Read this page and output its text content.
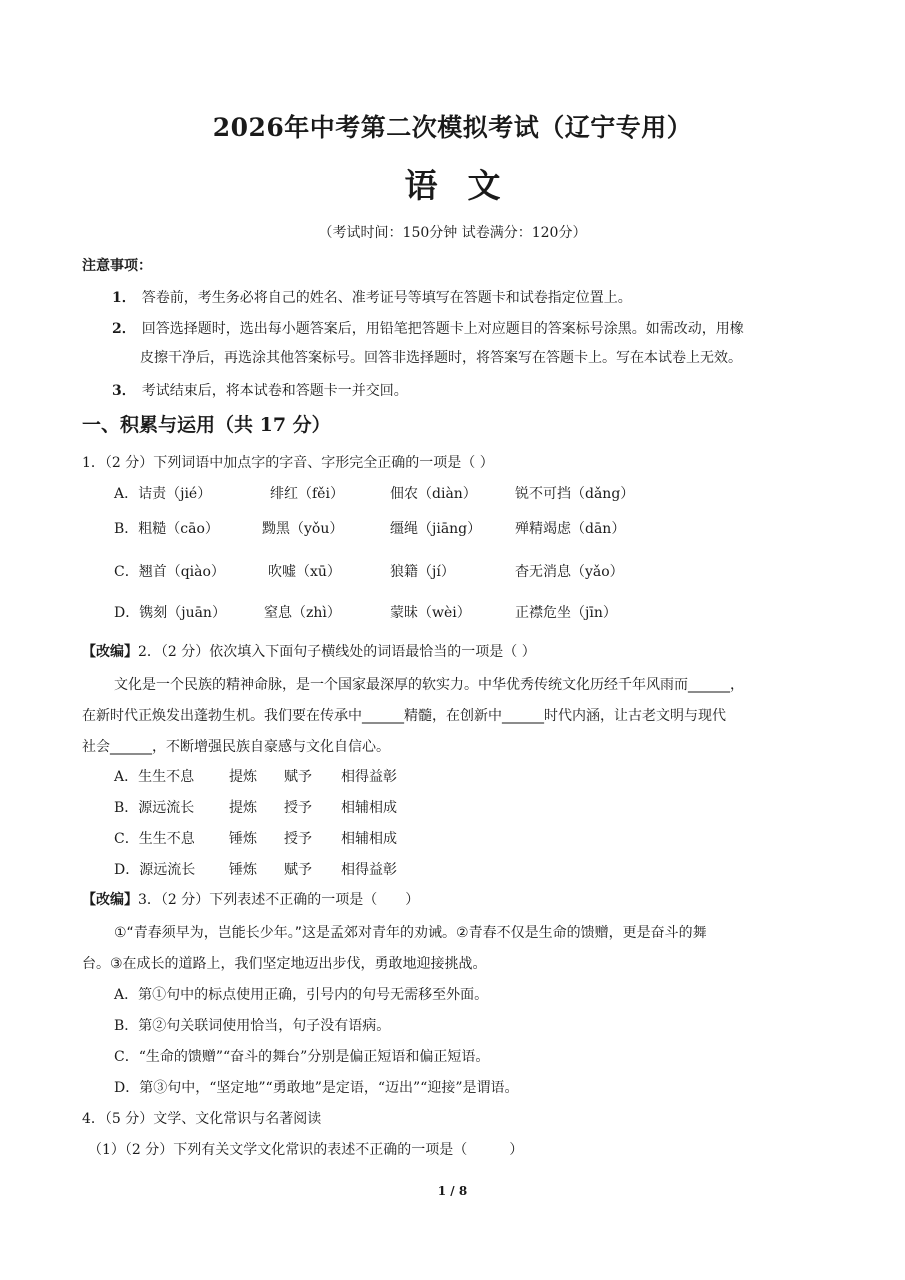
2026年中考第二次模拟考试（辽宁专用）
语文
（考试时间：150分钟 试卷满分：120分）
注意事项：
1． 答卷前，考生务必将自己的姓名、准考证号等填写在答题卡和试卷指定位置上。
2． 回答选择题时，选出每小题答案后，用铅笔把答题卡上对应题目的答案标号涂黑。如需改动，用橡
皮擦干净后，再选涂其他答案标号。回答非选择题时，将答案写在答题卡上。写在本试卷上无效。
3． 考试结束后，将本试卷和答题卡一并交回。
一、积累与运用（共 17 分）
1．（2 分）下列词语中加点字的字音、字形完全正确的一项是（ ）
A．诘责（jié）	绯红（fěi）	佃农（diàn）	锐不可挡（dǎng）
B．粗糙（cāo）	黝黑（yǒu）	缰绳（jiāng） 殚精竭虑（dān）
C．翘首（qiào）	吹嘘（xū）	狼籍（jí）	杳无消息（yǎo）
D．镌刻（juān）	窒息（zhì）	蒙昧（wèi）	正襟危坐（jīn）
【改编】2．（2 分）依次填入下面句子横线处的词语最恰当的一项是（ ）
文化是一个民族的精神命脉，是一个国家最深厚的软实力。中华优秀传统文化历经千年风雨而______，
在新时代正焕发出蓬勃生机。我们要在传承中______精髓，在创新中______时代内涵，让古老文明与现代
社会______，不断增强民族自豪感与文化自信心。
A．生生不息 提炼 赋予 相得益彰
B．源远流长 提炼 授予 相辅相成
C．生生不息 锤炼 授予 相辅相成
D．源远流长 锤炼 赋予 相得益彰
【改编】3．（2 分）下列表述不正确的一项是（　　）
①“青春须早为，岂能长少年。”这是孟郊对青年的劝诫。②青春不仅是生命的馈赠，更是奋斗的舞
台。③在成长的道路上，我们坚定地迈出步伐，勇敢地迎接挑战。
A．第①句中的标点使用正确，引号内的句号无需移至外面。
B．第②句关联词使用恰当，句子没有语病。
C．“生命的馈赠”“奋斗的舞台”分别是偏正短语和偏正短语。
D．第③句中，“坚定地”“勇敢地”是定语，“迈出”“迎接”是谓语。
4．（5 分）文学、文化常识与名著阅读
（1）（2 分）下列有关文学文化常识的表述不正确的一项是（　　　）
1 / 8
